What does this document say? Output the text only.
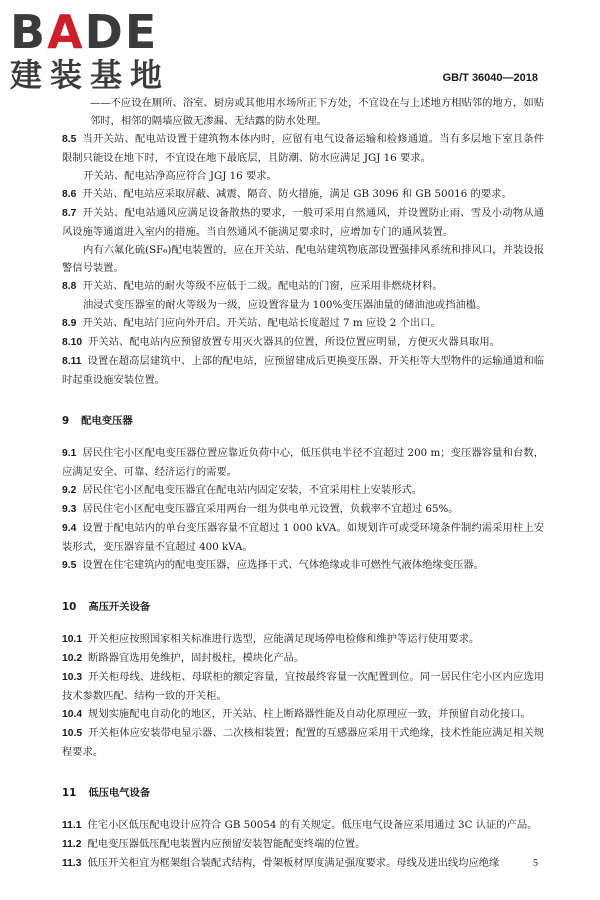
BADE
建装基地	GB/T 36040—2018

——不应设在厕所、浴室、厨房或其他用水场所正下方处，不宜设在与上述地方相贴邻的地方，如贴邻时，相邻的隔墙应做无渗漏、无结露的防水处理。

8.5 当开关站、配电站设置于建筑物本体内时，应留有电气设备运输和检修通道。当有多层地下室且条件限制只能设在地下时，不宜设在地下最底层，且防潮、防水应满足 JGJ 16 要求。

开关站、配电站净高应符合 JGJ 16 要求。

8.6 开关站、配电站应采取屏蔽、减震、隔音、防火措施，满足 GB 3096 和 GB 50016 的要求。

8.7 开关站、配电站通风应满足设备散热的要求，一般可采用自然通风，并设置防止雨、雪及小动物从通风设施等通道进入室内的措施。当自然通风不能满足要求时，应增加专门的通风装置。

内有六氟化硫(SF₆)配电装置的，应在开关站、配电站建筑物底部设置强排风系统和排风口，并装设报警信号装置。

8.8 开关站、配电站的耐火等级不应低于二级。配电站的门窗，应采用非燃烧材料。

油浸式变压器室的耐火等级为一级，应设置容量为 100%变压器油量的储油池或挡油槛。

8.9 开关站、配电站门应向外开启。开关站、配电站长度超过 7 m 应设 2 个出口。

8.10 开关站、配电站内应预留放置专用灭火器具的位置，所设位置应明显，方便灭火器具取用。

8.11 设置在超高层建筑中、上部的配电站，应预留建成后更换变压器、开关柜等大型物件的运输通道和临时起重设施安装位置。

9 配电变压器

9.1 居民住宅小区配电变压器位置应靠近负荷中心，低压供电半径不宜超过 200 m；变压器容量和台数，应满足安全、可靠、经济运行的需要。

9.2 居民住宅小区配电变压器宜在配电站内固定安装，不宜采用柱上安装形式。

9.3 居民住宅小区配电变压器宜采用两台一组为供电单元设置，负载率不宜超过 65%。

9.4 设置于配电站内的单台变压器容量不宜超过 1 000 kVA。如规划许可或受环境条件制约需采用柱上安装形式，变压器容量不宜超过 400 kVA。

9.5 设置在住宅建筑内的配电变压器，应选择干式、气体绝缘或非可燃性气液体绝缘变压器。

10 高压开关设备

10.1 开关柜应按照国家相关标准进行选型，应能满足现场停电检修和维护等运行使用要求。

10.2 断路器宜选用免维护，固封极柱，模块化产品。

10.3 开关柜母线、进线柜、母联柜的额定容量，宜按最终容量一次配置到位。同一居民住宅小区内应选用技术参数匹配、结构一致的开关柜。

10.4 规划实施配电自动化的地区，开关站、柱上断路器性能及自动化原理应一致，并预留自动化接口。

10.5 开关柜体应安装带电显示器、二次核相装置；配置的互感器应采用干式绝缘，技术性能应满足相关规程要求。

11 低压电气设备

11.1 住宅小区低压配电设计应符合 GB 50054 的有关规定。低压电气设备应采用通过 3C 认证的产品。

11.2 配电变压器低压配电装置内应预留安装智能配变终端的位置。

11.3 低压开关柜宜为框架组合装配式结构，骨架板材厚度满足强度要求。母线及进出线均应绝缘	5
